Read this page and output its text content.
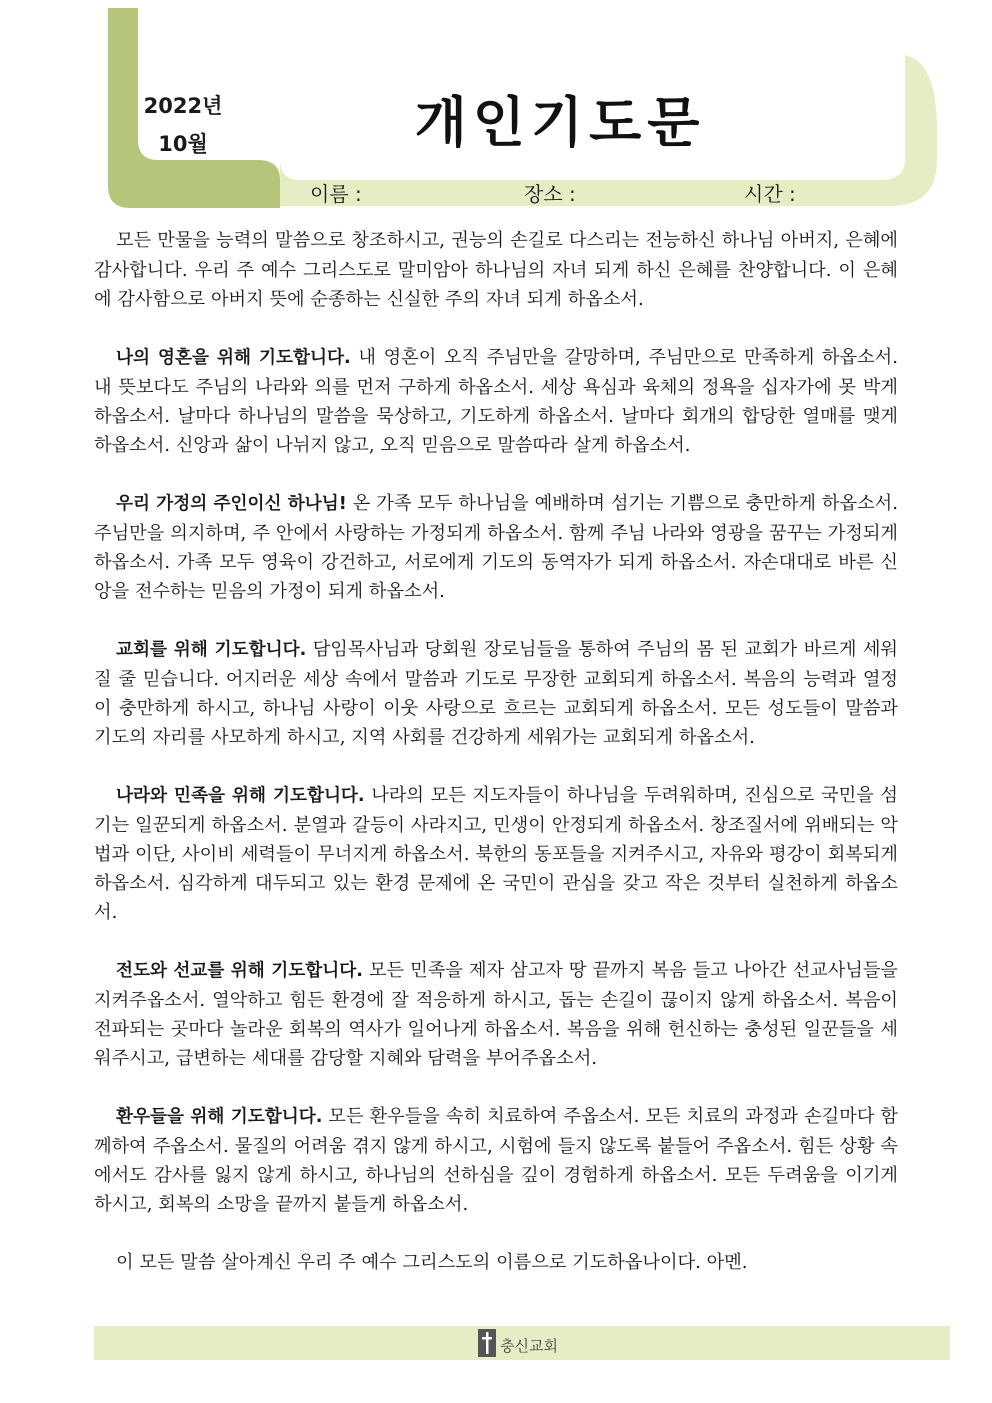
2022년
10월	개인기도문
이름 :	장소 :	시간 :

모든 만물을 능력의 말씀으로 창조하시고, 권능의 손길로 다스리는 전능하신 하나님 아버지, 은혜에 감사합니다. 우리 주 예수 그리스도로 말미암아 하나님의 자녀 되게 하신 은혜를 찬양합니다. 이 은혜에 감사함으로 아버지 뜻에 순종하는 신실한 주의 자녀 되게 하옵소서.

나의 영혼을 위해 기도합니다. 내 영혼이 오직 주님만을 갈망하며, 주님만으로 만족하게 하옵소서. 내 뜻보다도 주님의 나라와 의를 먼저 구하게 하옵소서. 세상 욕심과 육체의 정욕을 십자가에 못 박게 하옵소서. 날마다 하나님의 말씀을 묵상하고, 기도하게 하옵소서. 날마다 회개의 합당한 열매를 맺게 하옵소서. 신앙과 삶이 나뉘지 않고, 오직 믿음으로 말씀따라 살게 하옵소서.

우리 가정의 주인이신 하나님! 온 가족 모두 하나님을 예배하며 섬기는 기쁨으로 충만하게 하옵소서. 주님만을 의지하며, 주 안에서 사랑하는 가정되게 하옵소서. 함께 주님 나라와 영광을 꿈꾸는 가정되게 하옵소서. 가족 모두 영육이 강건하고, 서로에게 기도의 동역자가 되게 하옵소서. 자손대대로 바른 신앙을 전수하는 믿음의 가정이 되게 하옵소서.

교회를 위해 기도합니다. 담임목사님과 당회원 장로님들을 통하여 주님의 몸 된 교회가 바르게 세워질 줄 믿습니다. 어지러운 세상 속에서 말씀과 기도로 무장한 교회되게 하옵소서. 복음의 능력과 열정이 충만하게 하시고, 하나님 사랑이 이웃 사랑으로 흐르는 교회되게 하옵소서. 모든 성도들이 말씀과 기도의 자리를 사모하게 하시고, 지역 사회를 건강하게 세워가는 교회되게 하옵소서.

나라와 민족을 위해 기도합니다. 나라의 모든 지도자들이 하나님을 두려워하며, 진심으로 국민을 섬기는 일꾼되게 하옵소서. 분열과 갈등이 사라지고, 민생이 안정되게 하옵소서. 창조질서에 위배되는 악법과 이단, 사이비 세력들이 무너지게 하옵소서. 북한의 동포들을 지켜주시고, 자유와 평강이 회복되게 하옵소서. 심각하게 대두되고 있는 환경 문제에 온 국민이 관심을 갖고 작은 것부터 실천하게 하옵소서.

전도와 선교를 위해 기도합니다. 모든 민족을 제자 삼고자 땅 끝까지 복음 들고 나아간 선교사님들을 지켜주옵소서. 열악하고 힘든 환경에 잘 적응하게 하시고, 돕는 손길이 끊이지 않게 하옵소서. 복음이 전파되는 곳마다 놀라운 회복의 역사가 일어나게 하옵소서. 복음을 위해 헌신하는 충성된 일꾼들을 세워주시고, 급변하는 세대를 감당할 지혜와 담력을 부어주옵소서.

환우들을 위해 기도합니다. 모든 환우들을 속히 치료하여 주옵소서. 모든 치료의 과정과 손길마다 함께하여 주옵소서. 물질의 어려움 겪지 않게 하시고, 시험에 들지 않도록 붙들어 주옵소서. 힘든 상황 속에서도 감사를 잃지 않게 하시고, 하나님의 선하심을 깊이 경험하게 하옵소서. 모든 두려움을 이기게 하시고, 회복의 소망을 끝까지 붙들게 하옵소서.

이 모든 말씀 살아계신 우리 주 예수 그리스도의 이름으로 기도하옵나이다. 아멘.

충신교회
